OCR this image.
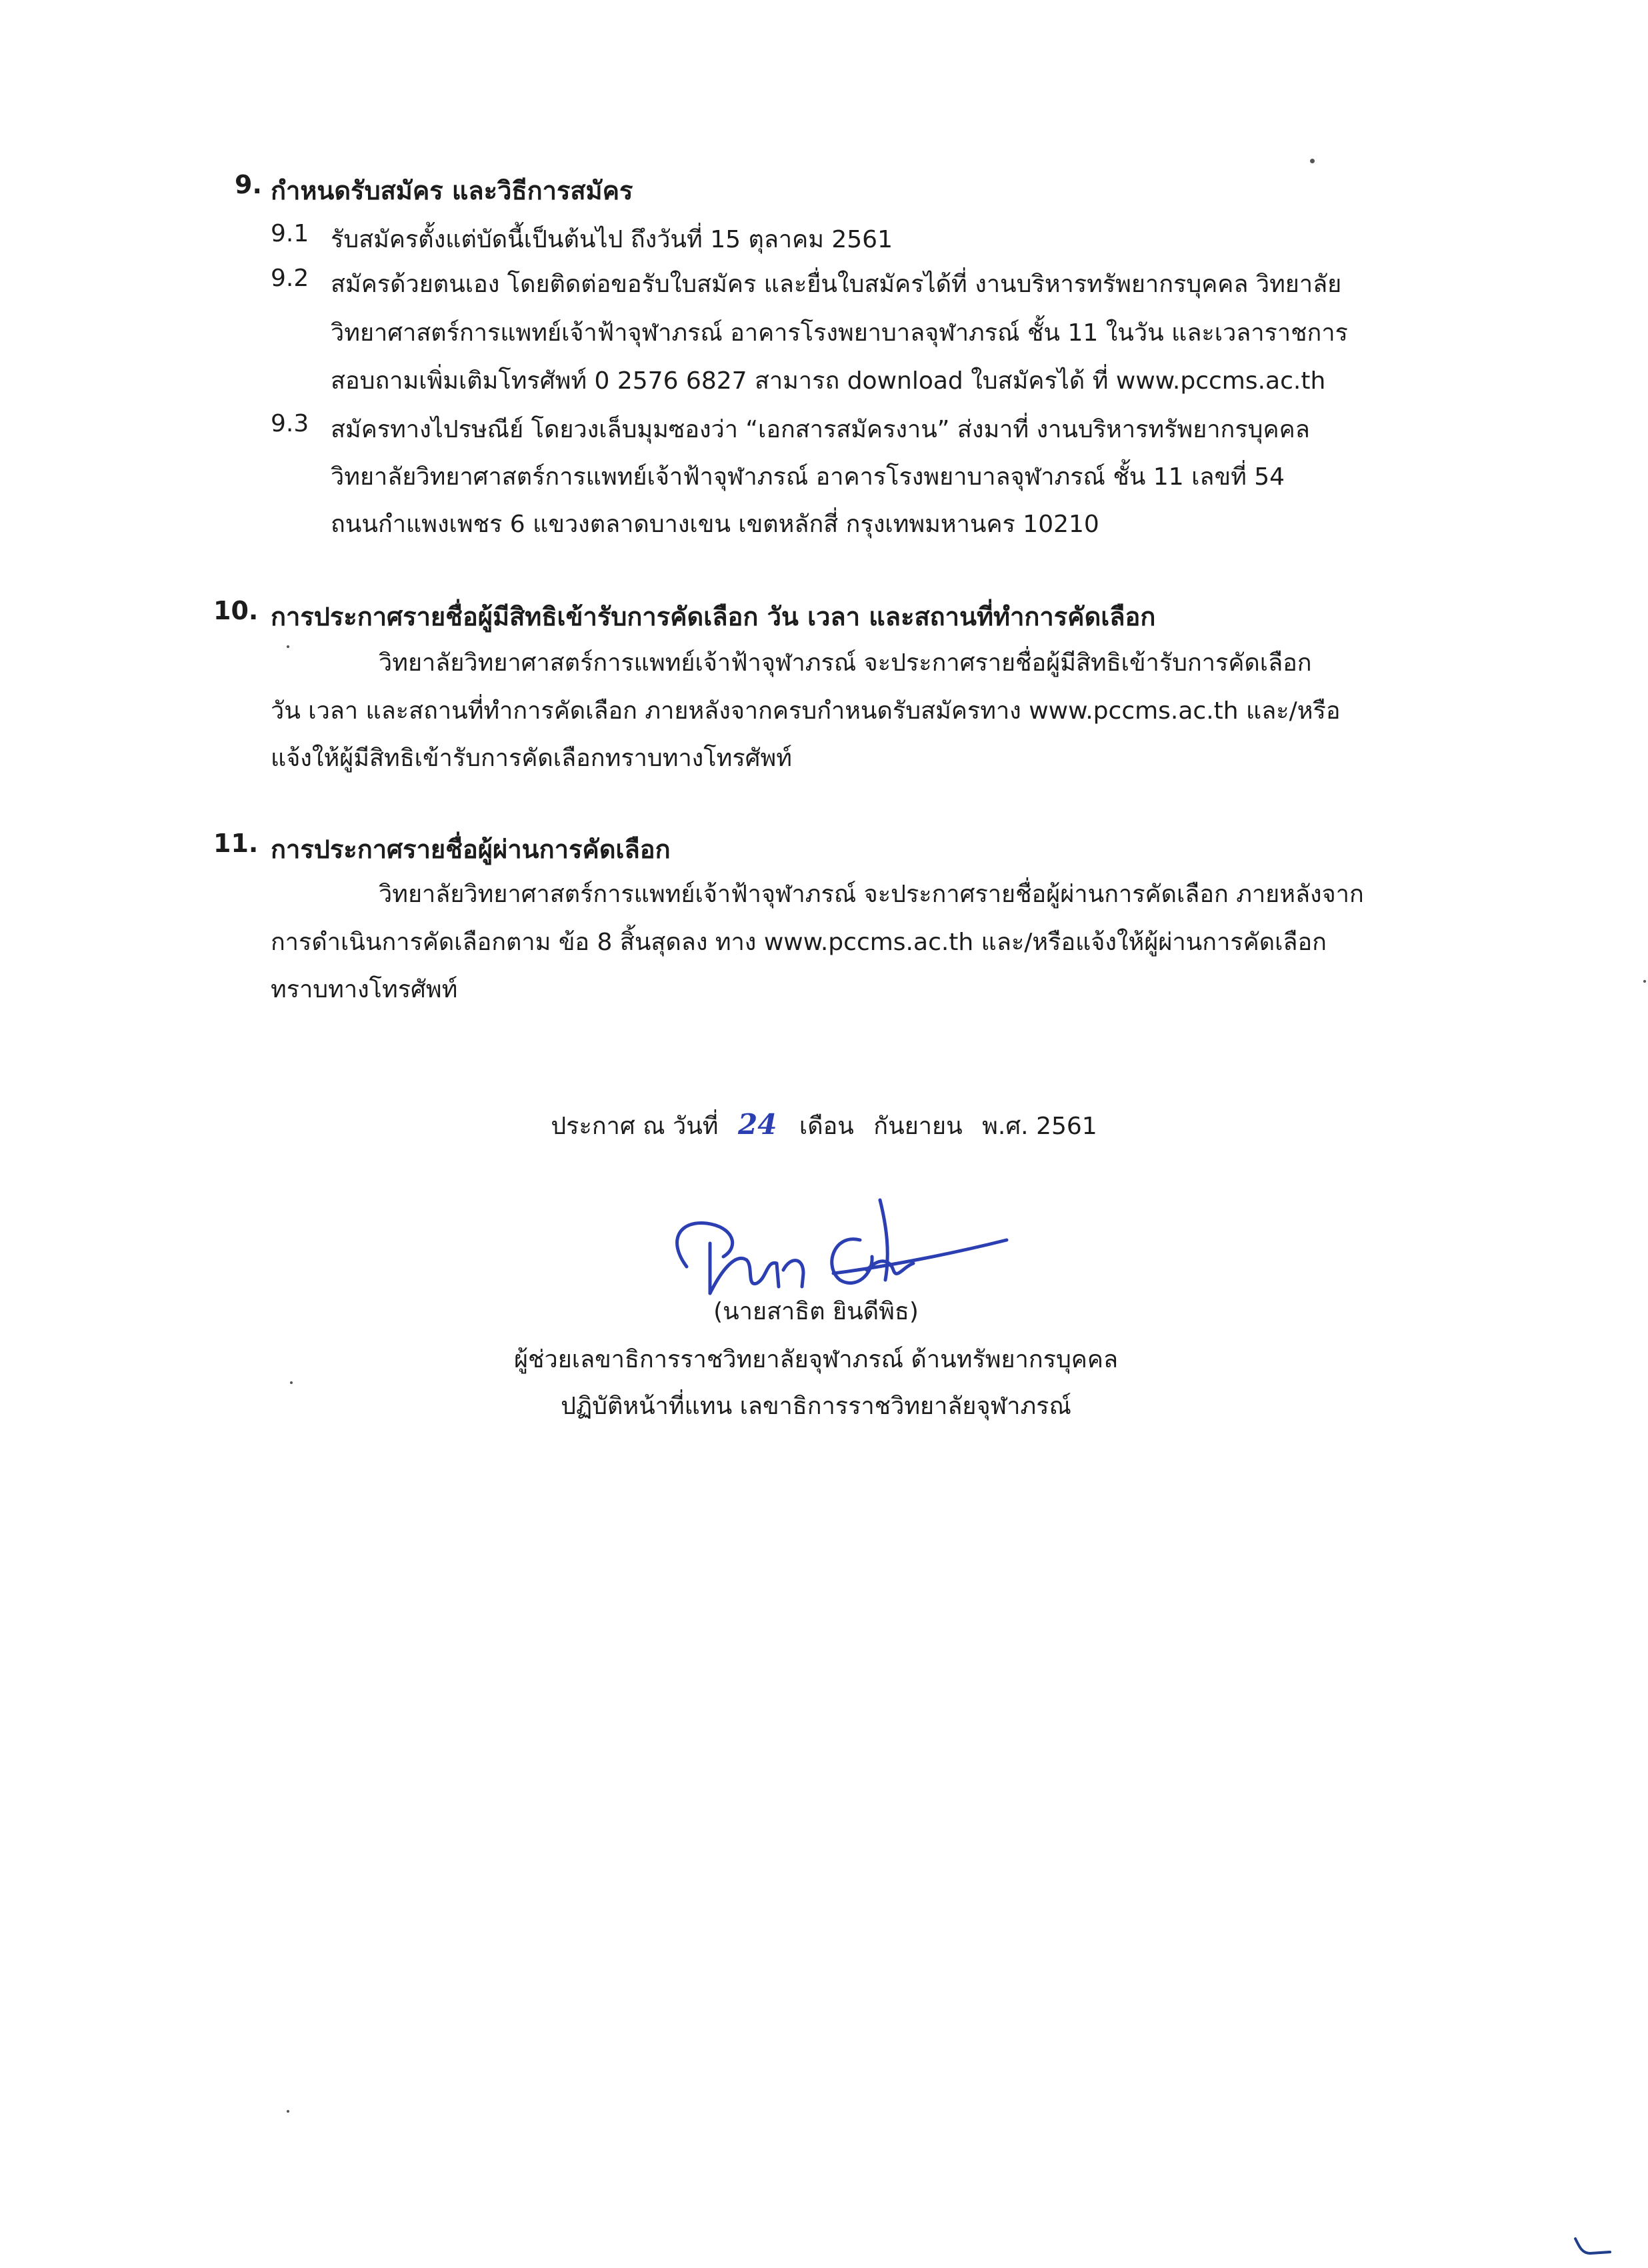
9. กำหนดรับสมัคร และวิธีการสมัคร
9.1 รับสมัครตั้งแต่บัดนี้เป็นต้นไป ถึงวันที่ 15 ตุลาคม 2561
9.2 สมัครด้วยตนเอง โดยติดต่อขอรับใบสมัคร และยื่นใบสมัครได้ที่ งานบริหารทรัพยากรบุคคล วิทยาลัย
วิทยาศาสตร์การแพทย์เจ้าฟ้าจุฬาภรณ์ อาคารโรงพยาบาลจุฬาภรณ์ ชั้น 11 ในวัน และเวลาราชการ
สอบถามเพิ่มเติมโทรศัพท์ 0 2576 6827 สามารถ download ใบสมัครได้ ที่ www.pccms.ac.th
9.3 สมัครทางไปรษณีย์ โดยวงเล็บมุมซองว่า “เอกสารสมัครงาน” ส่งมาที่ งานบริหารทรัพยากรบุคคล
วิทยาลัยวิทยาศาสตร์การแพทย์เจ้าฟ้าจุฬาภรณ์ อาคารโรงพยาบาลจุฬาภรณ์ ชั้น 11 เลขที่ 54
ถนนกำแพงเพชร 6 แขวงตลาดบางเขน เขตหลักสี่ กรุงเทพมหานคร 10210
10. การประกาศรายชื่อผู้มีสิทธิเข้ารับการคัดเลือก วัน เวลา และสถานที่ทำการคัดเลือก
วิทยาลัยวิทยาศาสตร์การแพทย์เจ้าฟ้าจุฬาภรณ์ จะประกาศรายชื่อผู้มีสิทธิเข้ารับการคัดเลือก
วัน เวลา และสถานที่ทำการคัดเลือก ภายหลังจากครบกำหนดรับสมัครทาง www.pccms.ac.th และ/หรือ
แจ้งให้ผู้มีสิทธิเข้ารับการคัดเลือกทราบทางโทรศัพท์
11. การประกาศรายชื่อผู้ผ่านการคัดเลือก
วิทยาลัยวิทยาศาสตร์การแพทย์เจ้าฟ้าจุฬาภรณ์ จะประกาศรายชื่อผู้ผ่านการคัดเลือก ภายหลังจาก
การดำเนินการคัดเลือกตาม ข้อ 8 สิ้นสุดลง ทาง www.pccms.ac.th และ/หรือแจ้งให้ผู้ผ่านการคัดเลือก
ทราบทางโทรศัพท์
ประกาศ ณ วันที่ 24 เดือน กันยายน พ.ศ. 2561
(นายสาธิต ยินดีพิธ)
ผู้ช่วยเลขาธิการราชวิทยาลัยจุฬาภรณ์ ด้านทรัพยากรบุคคล
ปฏิบัติหน้าที่แทน เลขาธิการราชวิทยาลัยจุฬาภรณ์
